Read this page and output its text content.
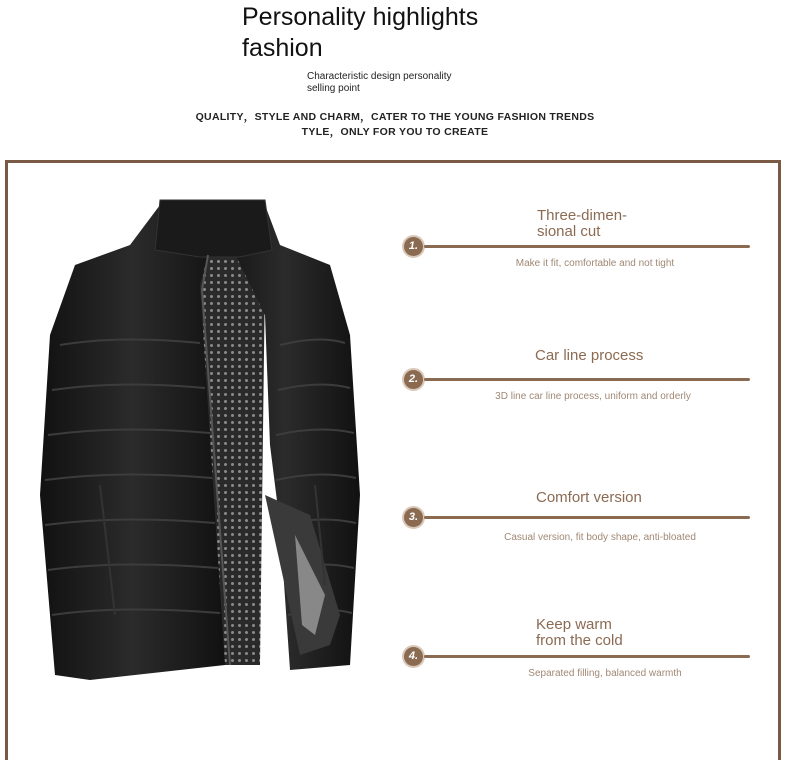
Personality highlights
fashion
Characteristic design personality
selling point
QUALITY，STYLE AND CHARM，CATER TO THE YOUNG FASHION TRENDS
TYLE，ONLY FOR YOU TO CREATE
Three-dimen-
sional cut
1.
Make it fit, comfortable and not tight
Car line process
2.
3D line car line process, uniform and orderly
Comfort version
3.
Casual version, fit body shape, anti-bloated
Keep warm
from the cold
4.
Separated filling, balanced warmth
